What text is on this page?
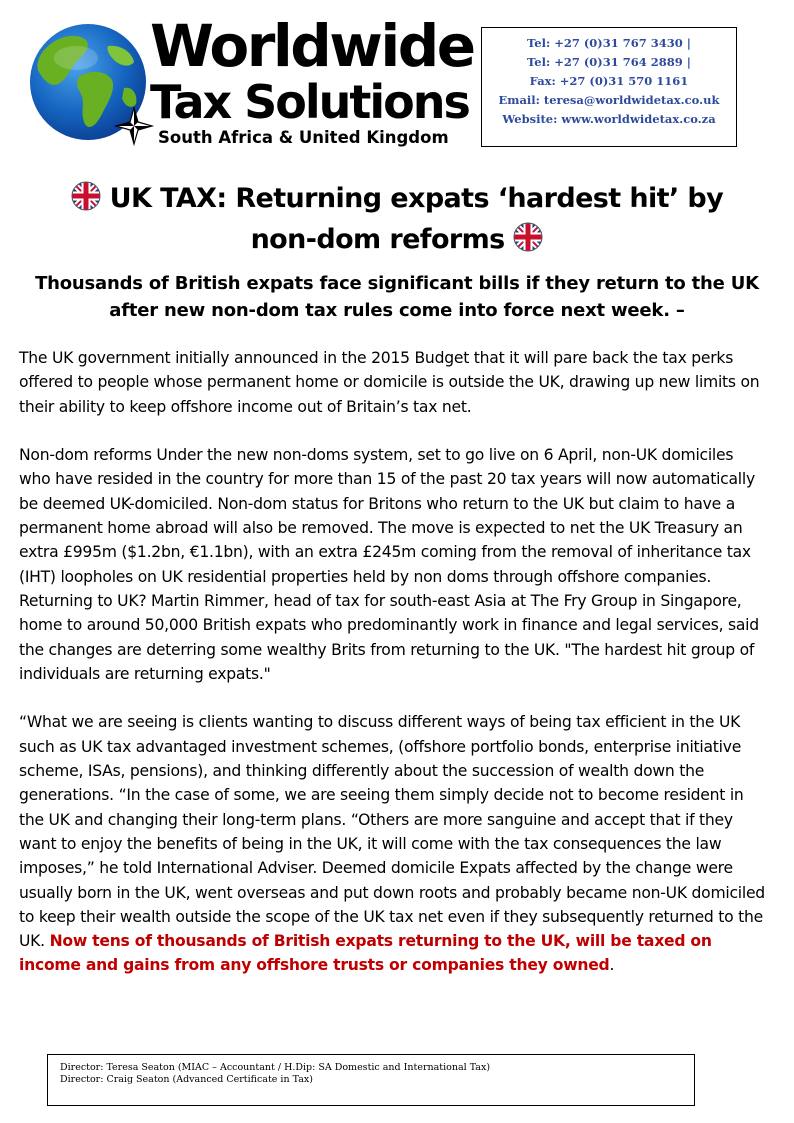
Worldwide
Tax Solutions
South Africa & United Kingdom
Tel: +27 (0)31 767 3430 |
Tel: +27 (0)31 764 2889 |
Fax: +27 (0)31 570 1161
Email: teresa@worldwidetax.co.uk
Website: www.worldwidetax.co.za
UK TAX: Returning expats ‘hardest hit’ by
non-dom reforms
Thousands of British expats face significant bills if they return to the UK after new non-dom tax rules come into force next week. –

The UK government initially announced in the 2015 Budget that it will pare back the tax perks offered to people whose permanent home or domicile is outside the UK, drawing up new limits on their ability to keep offshore income out of Britain’s tax net.

Non-dom reforms Under the new non-doms system, set to go live on 6 April, non-UK domiciles who have resided in the country for more than 15 of the past 20 tax years will now automatically be deemed UK-domiciled. Non-dom status for Britons who return to the UK but claim to have a permanent home abroad will also be removed. The move is expected to net the UK Treasury an extra £995m ($1.2bn, €1.1bn), with an extra £245m coming from the removal of inheritance tax (IHT) loopholes on UK residential properties held by non doms through offshore companies. Returning to UK? Martin Rimmer, head of tax for south-east Asia at The Fry Group in Singapore, home to around 50,000 British expats who predominantly work in finance and legal services, said the changes are deterring some wealthy Brits from returning to the UK. "The hardest hit group of individuals are returning expats."

“What we are seeing is clients wanting to discuss different ways of being tax efficient in the UK such as UK tax advantaged investment schemes, (offshore portfolio bonds, enterprise initiative scheme, ISAs, pensions), and thinking differently about the succession of wealth down the generations. “In the case of some, we are seeing them simply decide not to become resident in the UK and changing their long-term plans. “Others are more sanguine and accept that if they want to enjoy the benefits of being in the UK, it will come with the tax consequences the law imposes,” he told International Adviser. Deemed domicile Expats affected by the change were usually born in the UK, went overseas and put down roots and probably became non-UK domiciled to keep their wealth outside the scope of the UK tax net even if they subsequently returned to the UK. Now tens of thousands of British expats returning to the UK, will be taxed on income and gains from any offshore trusts or companies they owned.

Director: Teresa Seaton (MIAC – Accountant / H.Dip: SA Domestic and International Tax)
Director: Craig Seaton (Advanced Certificate in Tax)
